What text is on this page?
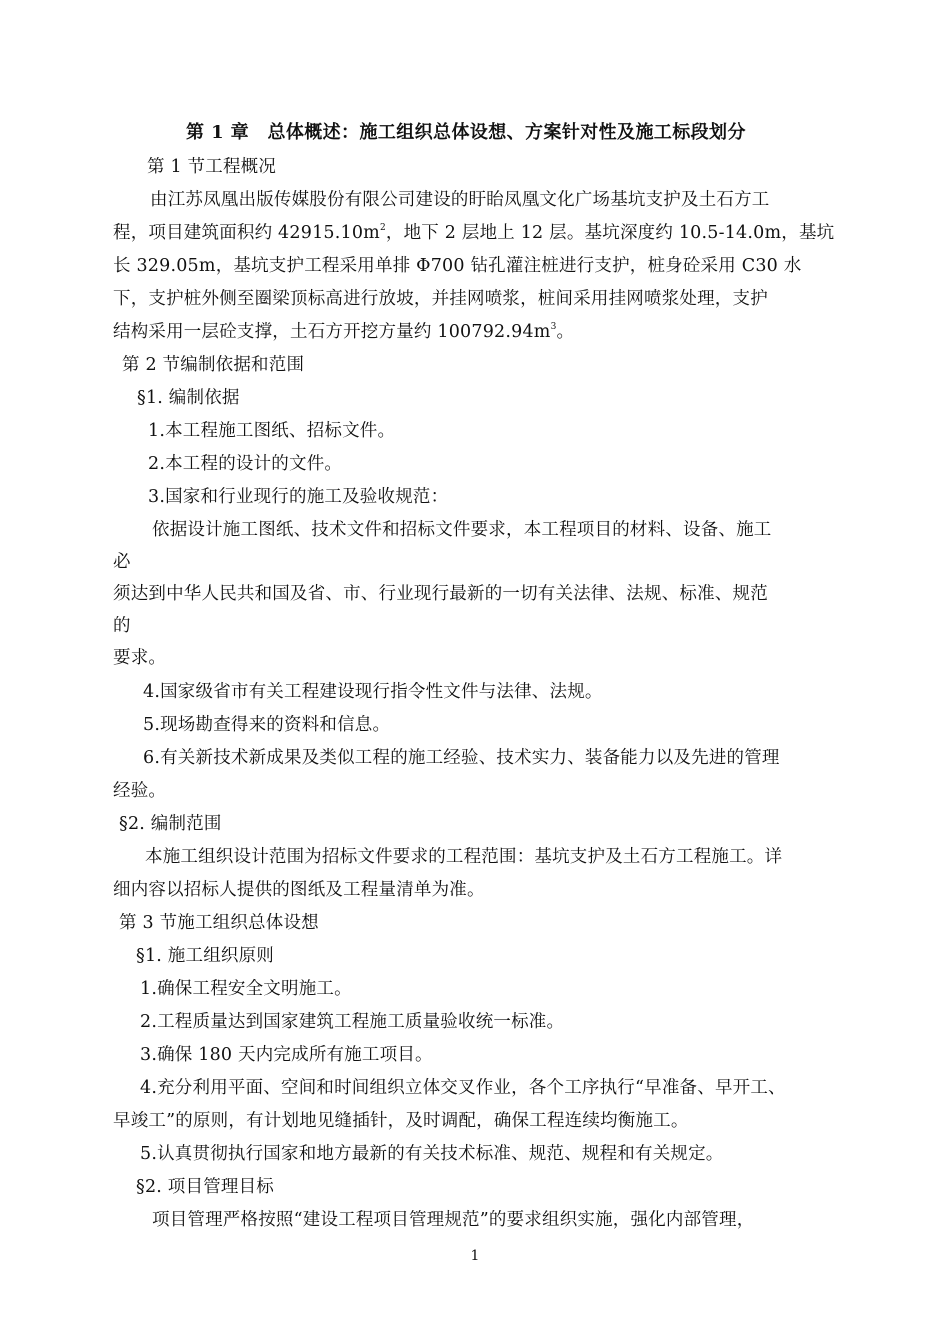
第 1 章　总体概述：施工组织总体设想、方案针对性及施工标段划分
第 1 节工程概况
由江苏凤凰出版传媒股份有限公司建设的盱眙凤凰文化广场基坑支护及土石方工
程，项目建筑面积约 $42915.10m^2$，地下 2 层地上 12 层。基坑深度约 10.5-14.0m，基坑
长 329.05m，基坑支护工程采用单排 Φ700 钻孔灌注桩进行支护，桩身砼采用 C30 水
下，支护桩外侧至圈梁顶标高进行放坡，并挂网喷浆，桩间采用挂网喷浆处理，支护
结构采用一层砼支撑，土石方开挖方量约 $100792.94m^3$。
第 2 节编制依据和范围
§1. 编制依据
1.本工程施工图纸、招标文件。
2.本工程的设计的文件。
3.国家和行业现行的施工及验收规范：
依据设计施工图纸、技术文件和招标文件要求，本工程项目的材料、设备、施工
必
须达到中华人民共和国及省、市、行业现行最新的一切有关法律、法规、标准、规范
的
要求。
4.国家级省市有关工程建设现行指令性文件与法律、法规。
5.现场勘查得来的资料和信息。
6.有关新技术新成果及类似工程的施工经验、技术实力、装备能力以及先进的管理
经验。
§2. 编制范围
本施工组织设计范围为招标文件要求的工程范围：基坑支护及土石方工程施工。详
细内容以招标人提供的图纸及工程量清单为准。
第 3 节施工组织总体设想
§1. 施工组织原则
1.确保工程安全文明施工。
2.工程质量达到国家建筑工程施工质量验收统一标准。
3.确保 180 天内完成所有施工项目。
4.充分利用平面、空间和时间组织立体交叉作业，各个工序执行“早准备、早开工、
早竣工”的原则，有计划地见缝插针，及时调配，确保工程连续均衡施工。
5.认真贯彻执行国家和地方最新的有关技术标准、规范、规程和有关规定。
§2. 项目管理目标
项目管理严格按照“建设工程项目管理规范”的要求组织实施，强化内部管理，
1
